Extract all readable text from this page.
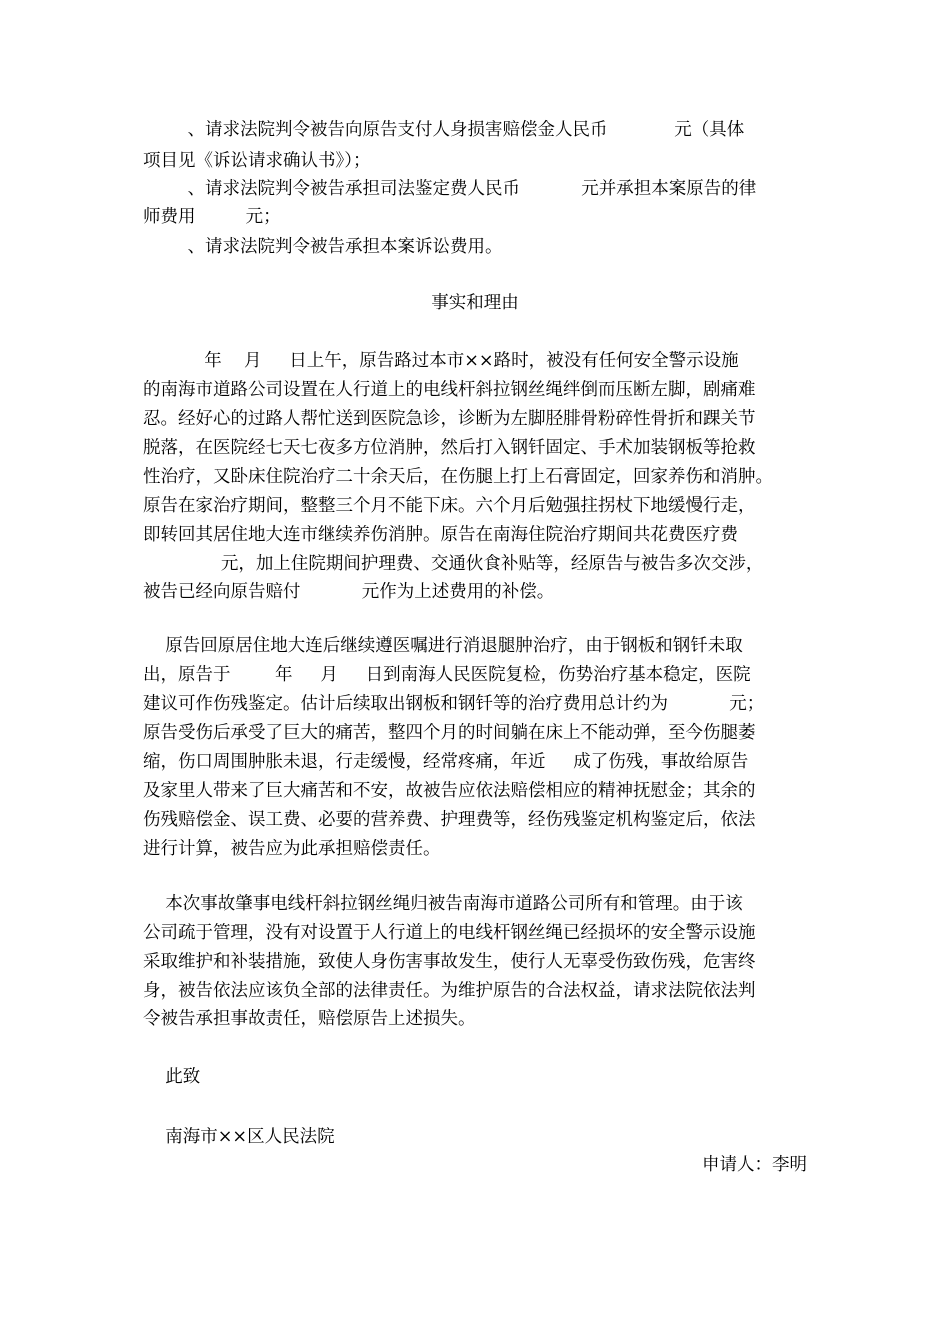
、请求法院判令被告向原告支付人身损害赔偿金人民币            元（具体
项目见《诉讼请求确认书》）；
、请求法院判令被告承担司法鉴定费人民币           元并承担本案原告的律
师费用         元；
、请求法院判令被告承担本案诉讼费用。
事实和理由
年    月     日上午，原告路过本市××路时，被没有任何安全警示设施
的南海市道路公司设置在人行道上的电线杆斜拉钢丝绳绊倒而压断左脚，剧痛难
忍。经好心的过路人帮忙送到医院急诊，诊断为左脚胫腓骨粉碎性骨折和踝关节
脱落，在医院经七天七夜多方位消肿，然后打入钢钎固定、手术加装钢板等抢救
性治疗，又卧床住院治疗二十余天后，在伤腿上打上石膏固定，回家养伤和消肿。
原告在家治疗期间，整整三个月不能下床。六个月后勉强拄拐杖下地缓慢行走，
即转回其居住地大连市继续养伤消肿。原告在南海住院治疗期间共花费医疗费
元，加上住院期间护理费、交通伙食补贴等，经原告与被告多次交涉，
被告已经向原告赔付           元作为上述费用的补偿。
原告回原居住地大连后继续遵医嘱进行消退腿肿治疗，由于钢板和钢钎未取
出，原告于        年     月     日到南海人民医院复检，伤势治疗基本稳定，医院
建议可作伤残鉴定。估计后续取出钢板和钢钎等的治疗费用总计约为           元；
原告受伤后承受了巨大的痛苦，整四个月的时间躺在床上不能动弹，至今伤腿萎
缩，伤口周围肿胀未退，行走缓慢，经常疼痛，年近     成了伤残，事故给原告
及家里人带来了巨大痛苦和不安，故被告应依法赔偿相应的精神抚慰金；其余的
伤残赔偿金、误工费、必要的营养费、护理费等，经伤残鉴定机构鉴定后，依法
进行计算，被告应为此承担赔偿责任。
本次事故肇事电线杆斜拉钢丝绳归被告南海市道路公司所有和管理。由于该
公司疏于管理，没有对设置于人行道上的电线杆钢丝绳已经损坏的安全警示设施
采取维护和补装措施，致使人身伤害事故发生，使行人无辜受伤致伤残，危害终
身，被告依法应该负全部的法律责任。为维护原告的合法权益，请求法院依法判
令被告承担事故责任，赔偿原告上述损失。
此致
南海市××区人民法院
申请人：李明
